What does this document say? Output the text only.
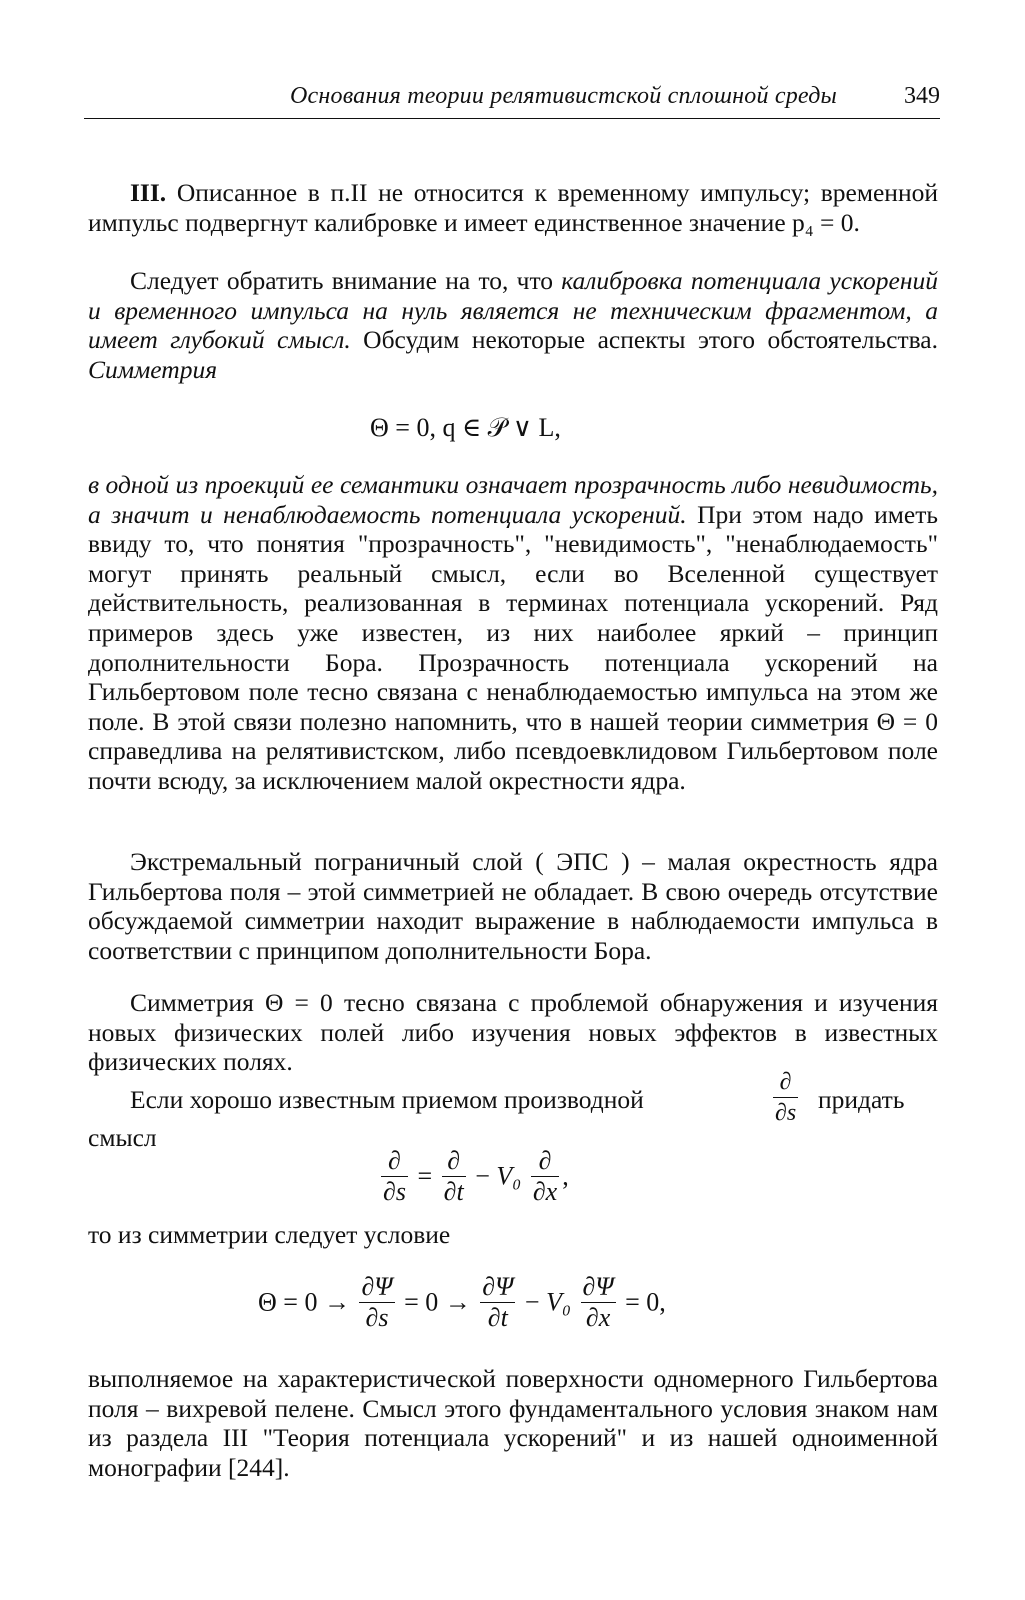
Основания теории релятивистской сплошной среды	349

III. Описанное в п.II не относится к временному импульсу; временной импульс подвергнут калибровке и имеет единственное значение p₄ = 0.

Следует обратить внимание на то, что калибровка потенциала ускорений и временного импульса на нуль является не техническим фрагментом, а имеет глубокий смысл. Обсудим некоторые аспекты этого обстоятельства. Симметрия

Θ = 0, q ∈ 𝒫 ∨ L,

в одной из проекций ее семантики означает прозрачность либо невидимость, а значит и ненаблюдаемость потенциала ускорений. При этом надо иметь ввиду то, что понятия "прозрачность", "невидимость", "ненаблюдаемость" могут принять реальный смысл, если во Вселенной существует действительность, реализованная в терминах потенциала ускорений. Ряд примеров здесь уже известен, из них наиболее яркий – принцип дополнительности Бора. Прозрачность потенциала ускорений на Гильбертовом поле тесно связана с ненаблюдаемостью импульса на этом же поле. В этой связи полезно напомнить, что в нашей теории симметрия Θ = 0 справедлива на релятивистском, либо псевдоевклидовом Гильбертовом поле почти всюду, за исключением малой окрестности ядра.

Экстремальный пограничный слой ( ЭПС ) – малая окрестность ядра Гильбертова поля – этой симметрией не обладает. В свою очередь отсутствие обсуждаемой симметрии находит выражение в наблюдаемости импульса в соответствии с принципом дополнительности Бора.

Симметрия Θ = 0 тесно связана с проблемой обнаружения и изучения новых физических полей либо изучения новых эффектов в известных физических полях.

Если хорошо известным приемом производной	$\frac{\partial}{\partial s}$ придать
смысл
$\frac{\partial}{\partial s} = \frac{\partial}{\partial t} - V_0 \frac{\partial}{\partial x}$ ,
то из симметрии следует условие
$\Theta = 0 \to \frac{\partial\Psi}{\partial s} = 0 \to \frac{\partial\Psi}{\partial t} - V_0 \frac{\partial\Psi}{\partial x} = 0$,

выполняемое на характеристической поверхности одномерного Гильбертова поля – вихревой пелене. Смысл этого фундаментального условия знаком нам из раздела III "Теория потенциала ускорений" и из нашей одноименной монографии [244].
